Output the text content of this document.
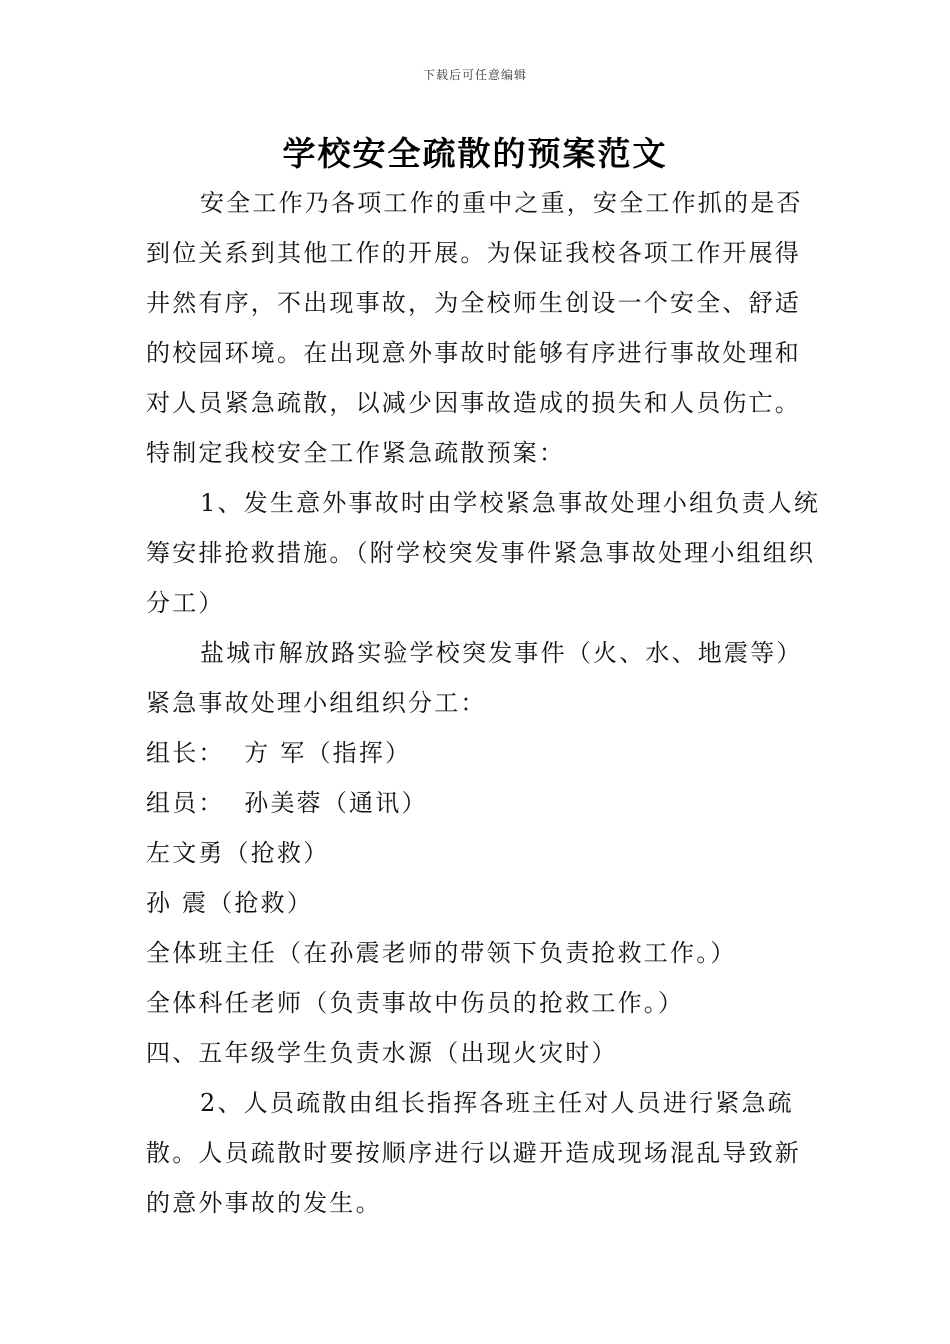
下载后可任意编辑
学校安全疏散的预案范文

安全工作乃各项工作的重中之重，安全工作抓的是否到位关系到其他工作的开展。为保证我校各项工作开展得井然有序，不出现事故，为全校师生创设一个安全、舒适的校园环境。在出现意外事故时能够有序进行事故处理和对人员紧急疏散，以减少因事故造成的损失和人员伤亡。特制定我校安全工作紧急疏散预案：

1、发生意外事故时由学校紧急事故处理小组负责人统筹安排抢救措施。（附学校突发事件紧急事故处理小组组织分工）

盐城市解放路实验学校突发事件（火、水、地震等）紧急事故处理小组组织分工：

组长：  方 军（指挥）

组员：  孙美蓉（通讯）

左文勇（抢救）

孙 震（抢救）

全体班主任（在孙震老师的带领下负责抢救工作。）

全体科任老师（负责事故中伤员的抢救工作。）

四、五年级学生负责水源（出现火灾时）

2、人员疏散由组长指挥各班主任对人员进行紧急疏散。人员疏散时要按顺序进行以避开造成现场混乱导致新的意外事故的发生。
